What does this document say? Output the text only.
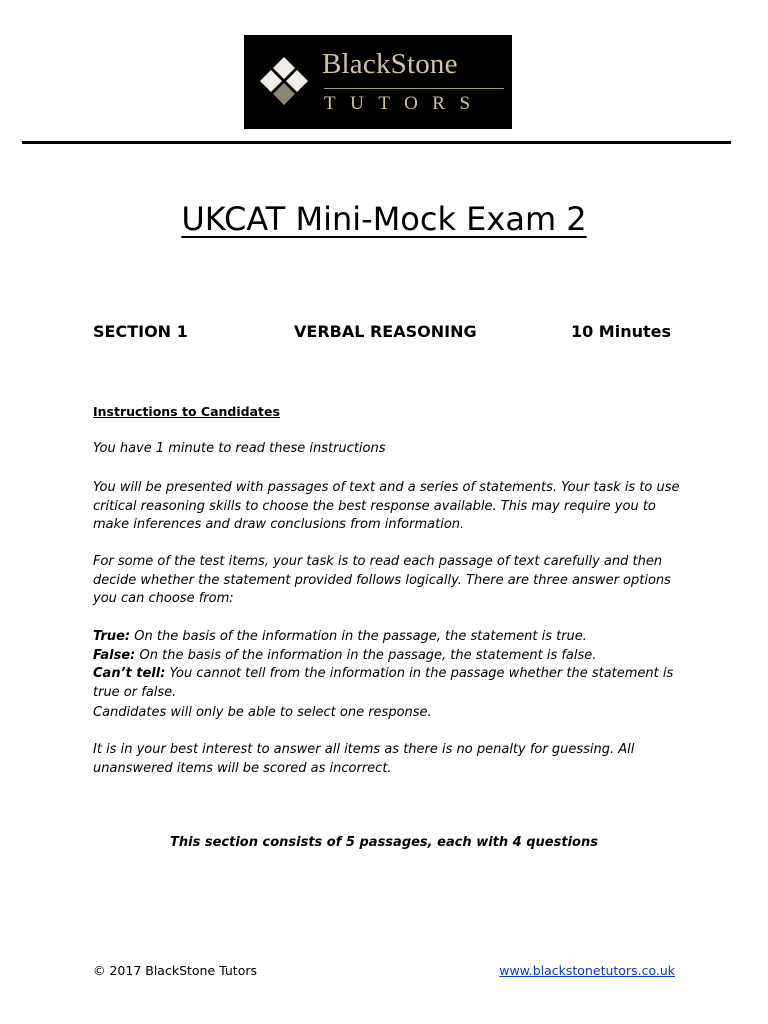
BlackStone
TUTORS
UKCAT Mini-Mock Exam 2
SECTION 1	VERBAL REASONING	10 Minutes
Instructions to Candidates
You have 1 minute to read these instructions
You will be presented with passages of text and a series of statements. Your task is to use critical reasoning skills to choose the best response available. This may require you to make inferences and draw conclusions from information.
For some of the test items, your task is to read each passage of text carefully and then decide whether the statement provided follows logically. There are three answer options you can choose from:
True: On the basis of the information in the passage, the statement is true.
False: On the basis of the information in the passage, the statement is false.
Can’t tell: You cannot tell from the information in the passage whether the statement is true or false.
Candidates will only be able to select one response.
It is in your best interest to answer all items as there is no penalty for guessing. All unanswered items will be scored as incorrect.
This section consists of 5 passages, each with 4 questions
© 2017 BlackStone Tutors	www.blackstonetutors.co.uk
